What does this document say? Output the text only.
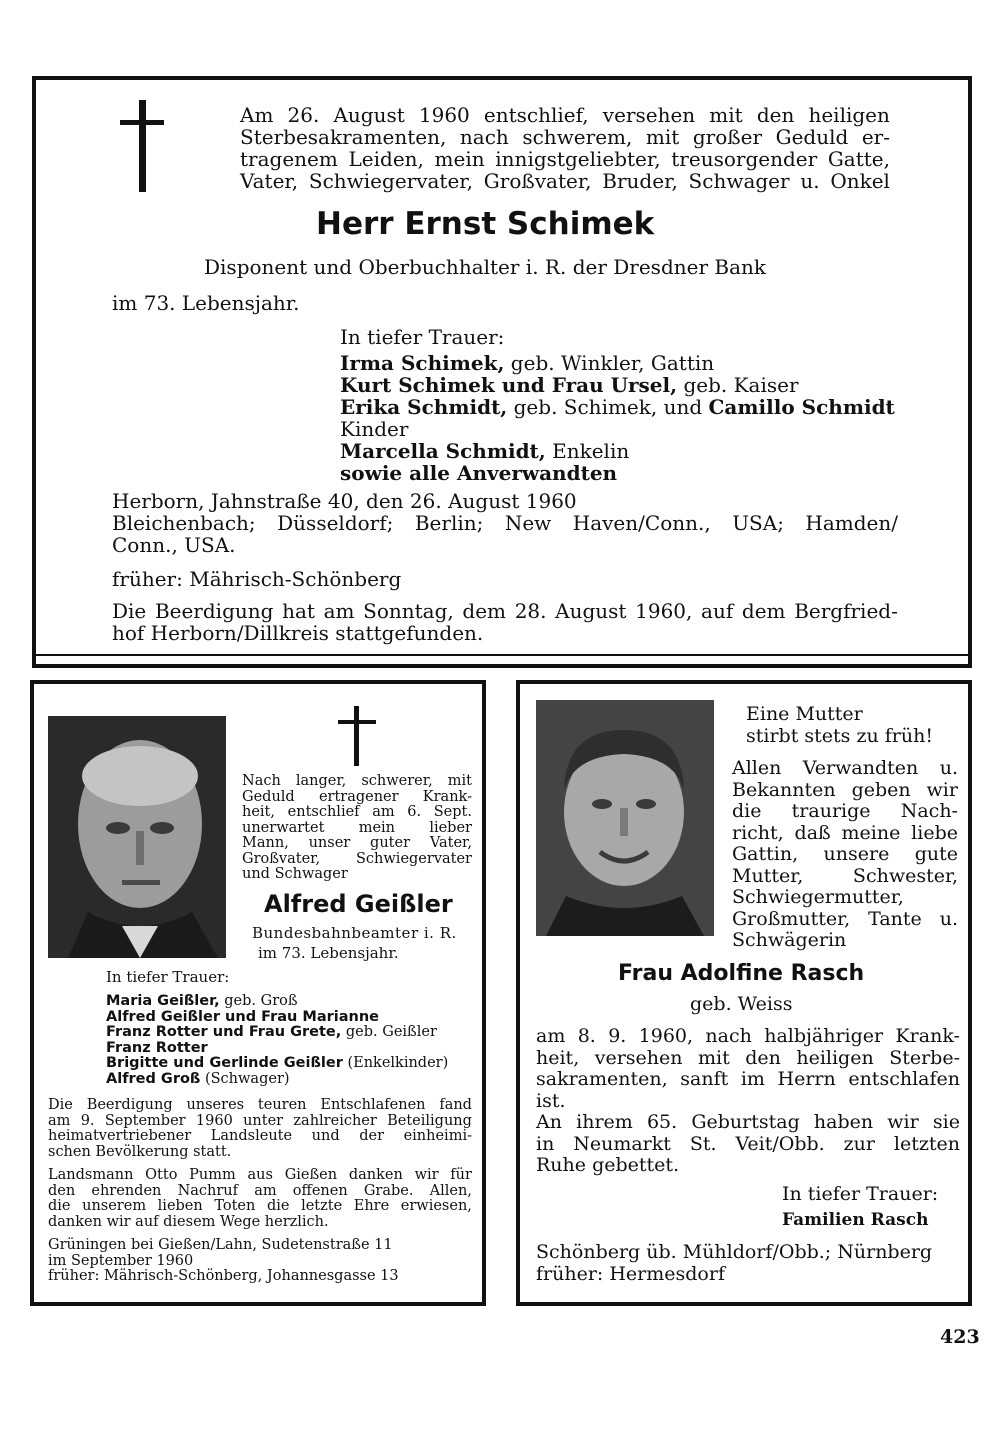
Am 26. August 1960 entschlief, versehen mit den heiligen

Sterbesakramenten, nach schwerem, mit großer Geduld er-

tragenem Leiden, mein innigstgeliebter, treusorgender Gatte,

Vater, Schwiegervater, Großvater, Bruder, Schwager u. Onkel

Herr Ernst Schimek
Disponent und Oberbuchhalter i. R. der Dresdner Bank
im 73. Lebensjahr.
In tiefer Trauer:

Irma Schimek, geb. Winkler, Gattin

Kurt Schimek und Frau Ursel, geb. Kaiser

Erika Schmidt, geb. Schimek, und Camillo Schmidt

Kinder

Marcella Schmidt, Enkelin

sowie alle Anverwandten

Herborn, Jahnstraße 40, den 26. August 1960

Bleichenbach; Düsseldorf; Berlin; New Haven/Conn., USA; Hamden/

Conn., USA.

früher: Mährisch-Schönberg

Die Beerdigung hat am Sonntag, dem 28. August 1960, auf dem Bergfried-

hof Herborn/Dillkreis stattgefunden.

Nach langer, schwerer, mit

Geduld ertragener Krank-

heit, entschlief am 6. Sept.

unerwartet mein lieber

Mann, unser guter Vater,

Großvater, Schwiegervater

und Schwager

Alfred Geißler
Bundesbahnbeamter i. R.
im 73. Lebensjahr.
In tiefer Trauer:

Maria Geißler, geb. Groß

Alfred Geißler und Frau Marianne

Franz Rotter und Frau Grete, geb. Geißler

Franz Rotter

Brigitte und Gerlinde Geißler (Enkelkinder)

Alfred Groß (Schwager)

Die Beerdigung unseres teuren Entschlafenen fand

am 9. September 1960 unter zahlreicher Beteiligung

heimatvertriebener Landsleute und der einheimi-

schen Bevölkerung statt.

Landsmann Otto Pumm aus Gießen danken wir für

den ehrenden Nachruf am offenen Grabe. Allen,

die unserem lieben Toten die letzte Ehre erwiesen,

danken wir auf diesem Wege herzlich.

Grüningen bei Gießen/Lahn, Sudetenstraße 11

im September 1960

früher: Mährisch-Schönberg, Johannesgasse 13

Eine Mutter

stirbt stets zu früh!

Allen Verwandten u.

Bekannten geben wir

die traurige Nach-

richt, daß meine liebe

Gattin, unsere gute

Mutter,	Schwester,

Schwiegermutter,

Großmutter, Tante u.

Schwägerin

Frau Adolfine Rasch
geb. Weiss

am 8. 9. 1960, nach halbjähriger Krank-

heit, versehen mit den heiligen Sterbe-

sakramenten, sanft im Herrn entschlafen

ist.

An ihrem 65. Geburtstag haben wir sie

in Neumarkt St. Veit/Obb. zur letzten

Ruhe gebettet.

In tiefer Trauer:
Familien Rasch

Schönberg üb. Mühldorf/Obb.; Nürnberg

früher: Hermesdorf

423
